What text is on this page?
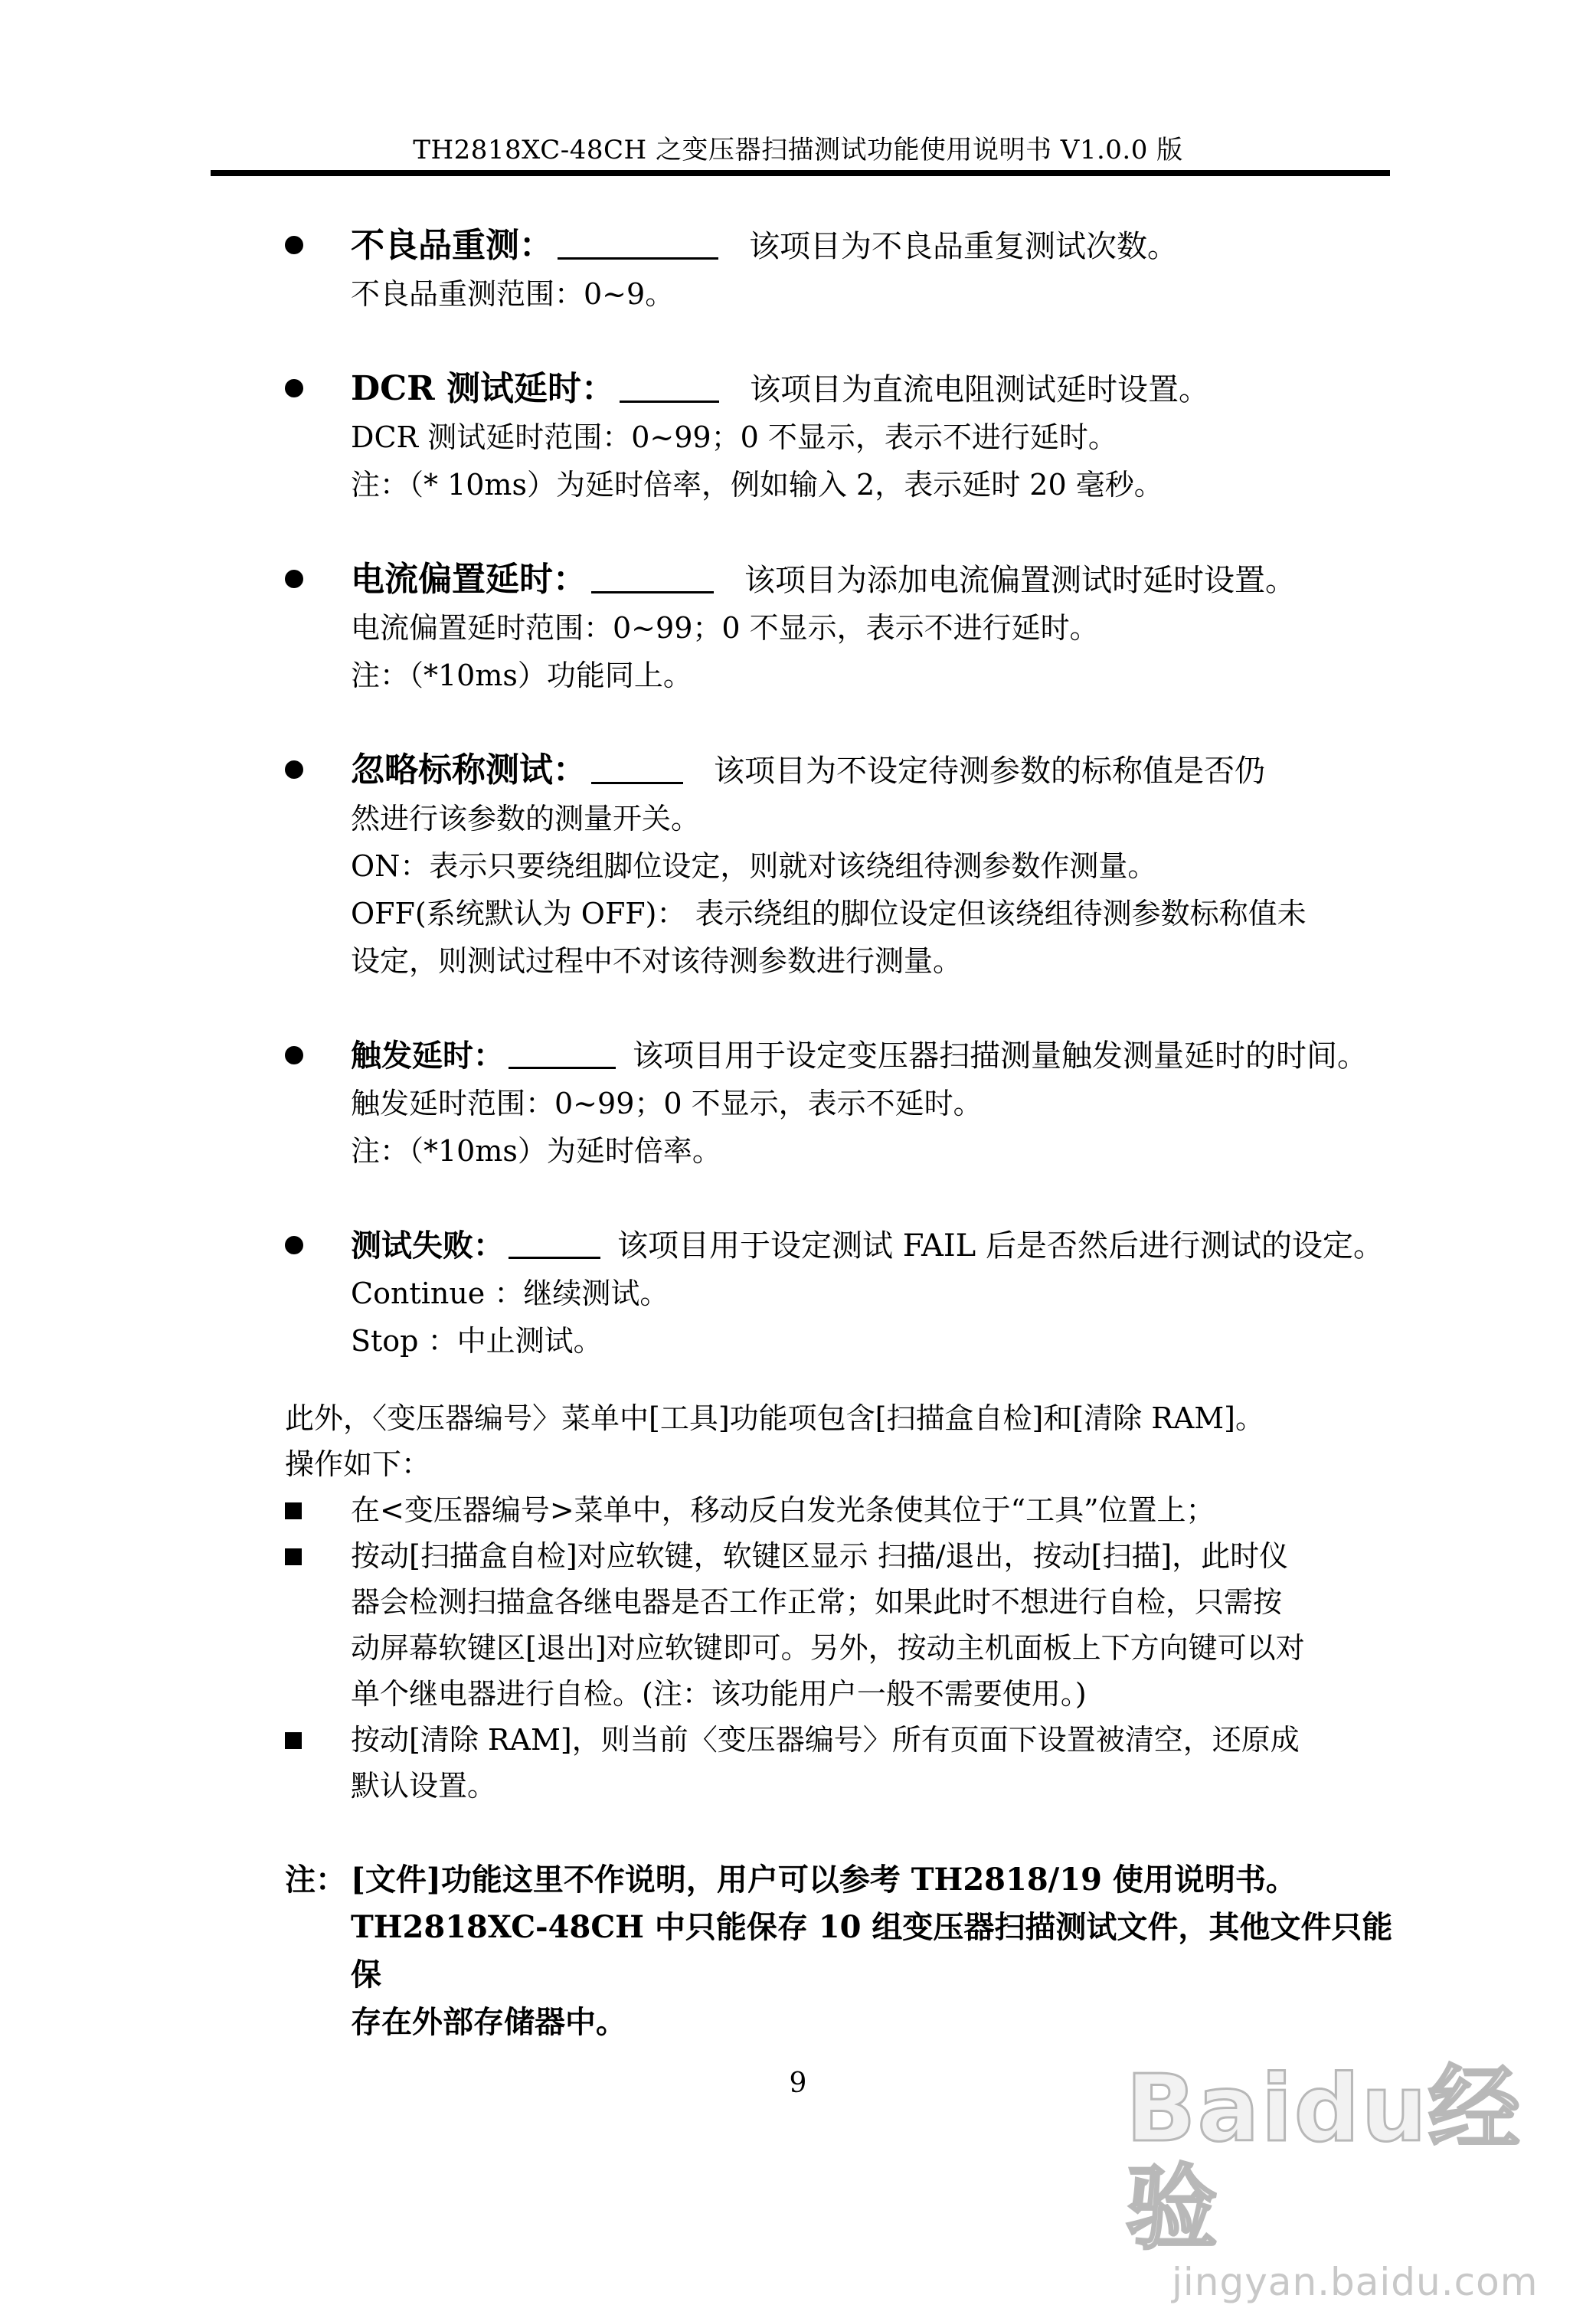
TH2818XC-48CH 之变压器扫描测试功能使用说明书 V1.0.0 版
不良品重测：	该项目为不良品重复测试次数。
不良品重测范围：0~9。
DCR 测试延时：	该项目为直流电阻测试延时设置。
DCR 测试延时范围：0~99；0 不显示，表示不进行延时。
注：（* 10ms）为延时倍率，例如输入 2，表示延时 20 毫秒。
电流偏置延时：	该项目为添加电流偏置测试时延时设置。
电流偏置延时范围：0~99；0 不显示，表示不进行延时。
注：（*10ms）功能同上。
忽略标称测试：	该项目为不设定待测参数的标称值是否仍
然进行该参数的测量开关。
ON：表示只要绕组脚位设定，则就对该绕组待测参数作测量。
OFF(系统默认为 OFF)： 表示绕组的脚位设定但该绕组待测参数标称值未
设定，则测试过程中不对该待测参数进行测量。
触发延时：	该项目用于设定变压器扫描测量触发测量延时的时间。
触发延时范围：0~99；0 不显示，表示不延时。
注：（*10ms）为延时倍率。
测试失败：	该项目用于设定测试 FAIL 后是否然后进行测试的设定。
Continue ：继续测试。
Stop ：中止测试。
此外，〈变压器编号〉菜单中[工具]功能项包含[扫描盒自检]和[清除 RAM]。
操作如下：
在<变压器编号>菜单中，移动反白发光条使其位于“工具”位置上；
按动[扫描盒自检]对应软键，软键区显示 扫描/退出，按动[扫描]，此时仪
器会检测扫描盒各继电器是否工作正常；如果此时不想进行自检，只需按
动屏幕软键区[退出]对应软键即可。另外，按动主机面板上下方向键可以对
单个继电器进行自检。(注：该功能用户一般不需要使用。)
按动[清除 RAM]，则当前〈变压器编号〉所有页面下设置被清空，还原成
默认设置。
注： [文件]功能这里不作说明，用户可以参考 TH2818/19 使用说明书。
TH2818XC-48CH 中只能保存 10 组变压器扫描测试文件，其他文件只能保
存在外部存储器中。
9	Baidu经验
jingyan.baidu.com
